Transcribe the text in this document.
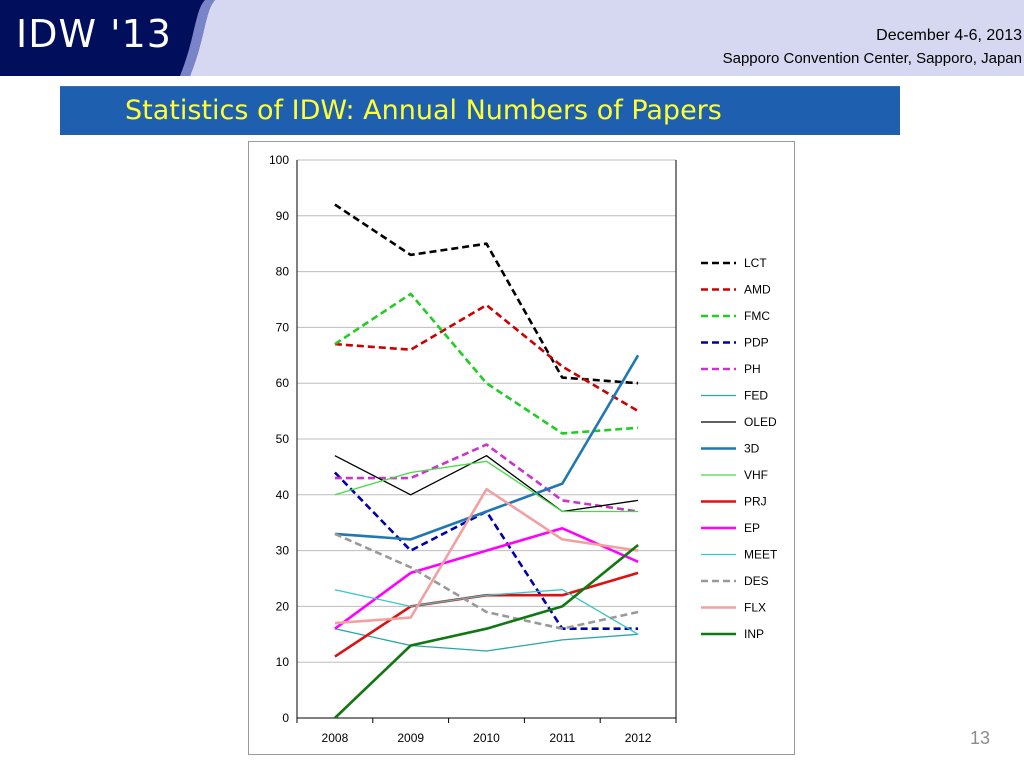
IDW '13	December 4-6, 2013
Sapporo Convention Center, Sapporo, Japan
Statistics of IDW: Annual Numbers of Papers
0
10
20
30
40
50
60
70
80
90
100
2008	2009	2010	2011	2012
LCT
AMD
FMC
PDP
PH
FED
OLED
3D
VHF
PRJ
EP
MEET
DES
FLX
INP
13
